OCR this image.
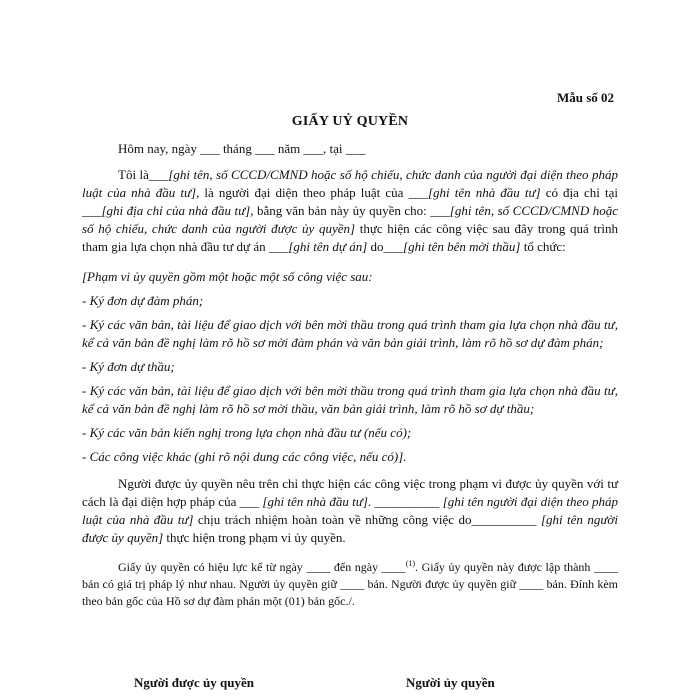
Mẫu số 02
GIẤY UỶ QUYỀN

Hôm nay, ngày ___ tháng ___ năm ___, tại ___

Tôi là___[ghi tên, số CCCD/CMND hoặc số hộ chiếu, chức danh của người đại diện theo pháp luật của nhà đầu tư], là người đại diện theo pháp luật của ___[ghi tên nhà đầu tư] có địa chỉ tại ___[ghi địa chỉ của nhà đầu tư], bằng văn bản này ủy quyền cho: ___[ghi tên, số CCCD/CMND hoặc số hộ chiếu, chức danh của người được ủy quyền] thực hiện các công việc sau đây trong quá trình tham gia lựa chọn nhà đầu tư dự án ___[ghi tên dự án] do___[ghi tên bên mời thầu] tổ chức:

[Phạm vi ủy quyền gồm một hoặc một số công việc sau:

- Ký đơn dự đàm phán;

- Ký các văn bản, tài liệu để giao dịch với bên mời thầu trong quá trình tham gia lựa chọn nhà đầu tư, kể cả văn bản đề nghị làm rõ hồ sơ mời đàm phán và văn bản giải trình, làm rõ hồ sơ dự đàm phán;

- Ký đơn dự thầu;

- Ký các văn bản, tài liệu để giao dịch với bên mời thầu trong quá trình tham gia lựa chọn nhà đầu tư, kể cả văn bản đề nghị làm rõ hồ sơ mời thầu, văn bản giải trình, làm rõ hồ sơ dự thầu;

- Ký các văn bản kiến nghị trong lựa chọn nhà đầu tư (nếu có);

- Các công việc khác (ghi rõ nội dung các công việc, nếu có)].

Người được ủy quyền nêu trên chỉ thực hiện các công việc trong phạm vi được ủy quyền với tư cách là đại diện hợp pháp của ___ [ghi tên nhà đầu tư]. __________ [ghi tên người đại diện theo pháp luật của nhà đầu tư] chịu trách nhiệm hoàn toàn về những công việc do__________ [ghi tên người được ủy quyền] thực hiện trong phạm vi ủy quyền.

Giấy ủy quyền có hiệu lực kể từ ngày ____ đến ngày ____$^{(1)}$. Giấy ủy quyền này được lập thành ____ bản có giá trị pháp lý như nhau. Người ủy quyền giữ ____ bản. Người được ủy quyền giữ ____ bản. Đính kèm theo bản gốc của Hồ sơ dự đàm phán một (01) bản gốc./.

Người được ủy quyền	Người ủy quyền
